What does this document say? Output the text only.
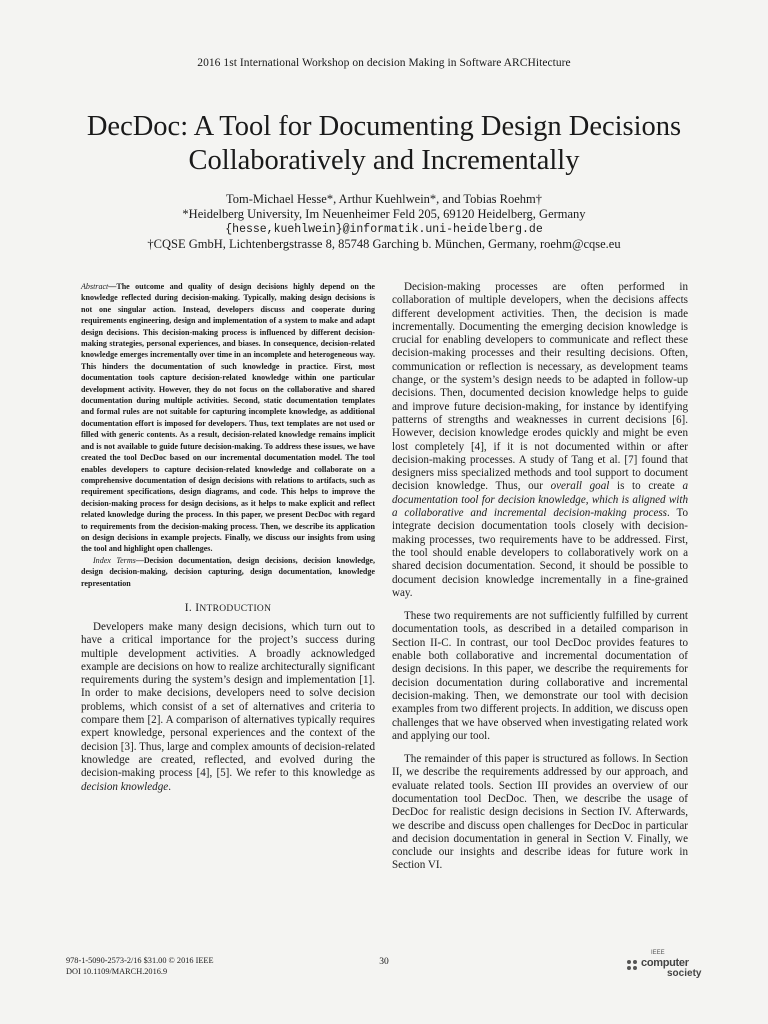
2016 1st International Workshop on decision Making in Software ARCHitecture
DecDoc: A Tool for Documenting Design Decisions
Collaboratively and Incrementally
Tom-Michael Hesse*, Arthur Kuehlwein*, and Tobias Roehm†
*Heidelberg University, Im Neuenheimer Feld 205, 69120 Heidelberg, Germany
{hesse,kuehlwein}@informatik.uni-heidelberg.de
†CQSE GmbH, Lichtenbergstrasse 8, 85748 Garching b. München, Germany, roehm@cqse.eu
Abstract—The outcome and quality of design decisions highly depend on the knowledge reflected during decision-making. Typically, making design decisions is not one singular action. Instead, developers discuss and cooperate during requirements engineering, design and implementation of a system to make and adapt design decisions. This decision-making process is influenced by different decision-making strategies, personal experiences, and biases. In consequence, decision-related knowledge emerges incrementally over time in an incomplete and heterogeneous way. This hinders the documentation of such knowledge in practice. First, most documentation tools capture decision-related knowledge within one particular development activity. However, they do not focus on the collaborative and shared documentation during multiple activities. Second, static documentation templates and formal rules are not suitable for capturing incomplete knowledge, as additional documentation effort is imposed for developers. Thus, text templates are not used or filled with generic contents. As a result, decision-related knowledge remains implicit and is not available to guide future decision-making. To address these issues, we have created the tool DecDoc based on our incremental documentation model. The tool enables developers to capture decision-related knowledge and collaborate on a comprehensive documentation of design decisions with relations to artifacts, such as requirement specifications, design diagrams, and code. This helps to improve the decision-making process for design decisions, as it helps to make explicit and reflect related knowledge during the process. In this paper, we present DecDoc with regard to requirements from the decision-making process. Then, we describe its application on design decisions in example projects. Finally, we discuss our insights from using the tool and highlight open challenges.
Index Terms—Decision documentation, design decisions, decision knowledge, design decision-making, decision capturing, design documentation, knowledge representation
I. INTRODUCTION

Developers make many design decisions, which turn out to have a critical importance for the project’s success during multiple development activities. A broadly acknowledged example are decisions on how to realize architecturally significant requirements during the system’s design and implementation [1]. In order to make decisions, developers need to solve decision problems, which consist of a set of alternatives and criteria to compare them [2]. A comparison of alternatives typically requires expert knowledge, personal experiences and the context of the decision [3]. Thus, large and complex amounts of decision-related knowledge are created, reflected, and evolved during the decision-making process [4], [5]. We refer to this knowledge as decision knowledge.

Decision-making processes are often performed in collaboration of multiple developers, when the decisions affects different development activities. Then, the decision is made incrementally. Documenting the emerging decision knowledge is crucial for enabling developers to communicate and reflect these decision-making processes and their resulting decisions. Often, communication or reflection is necessary, as development teams change, or the system’s design needs to be adapted in follow-up decisions. Then, documented decision knowledge helps to guide and improve future decision-making, for instance by identifying patterns of strengths and weaknesses in current decisions [6]. However, decision knowledge erodes quickly and might be even lost completely [4], if it is not documented within or after decision-making processes. A study of Tang et al. [7] found that designers miss specialized methods and tool support to document decision knowledge. Thus, our overall goal is to create a documentation tool for decision knowledge, which is aligned with a collaborative and incremental decision-making process. To integrate decision documentation tools closely with decision-making processes, two requirements have to be addressed. First, the tool should enable developers to collaboratively work on a shared decision documentation. Second, it should be possible to document decision knowledge incrementally in a fine-grained way.

These two requirements are not sufficiently fulfilled by current documentation tools, as described in a detailed comparison in Section II-C. In contrast, our tool DecDoc provides features to enable both collaborative and incremental documentation of design decisions. In this paper, we describe the requirements for decision documentation during collaborative and incremental decision-making. Then, we demonstrate our tool with decision examples from two different projects. In addition, we discuss open challenges that we have observed when investigating related work and applying our tool.

The remainder of this paper is structured as follows. In Section II, we describe the requirements addressed by our approach, and evaluate related tools. Section III provides an overview of our documentation tool DecDoc. Then, we describe the usage of DecDoc for realistic design decisions in Section IV. Afterwards, we describe and discuss open challenges for DecDoc in particular and decision documentation in general in Section V. Finally, we conclude our insights and describe ideas for future work in Section VI.

978-1-5090-2573-2/16 $31.00 © 2016 IEEE
DOI 10.1109/MARCH.2016.9
30
IEEE
computer
society
